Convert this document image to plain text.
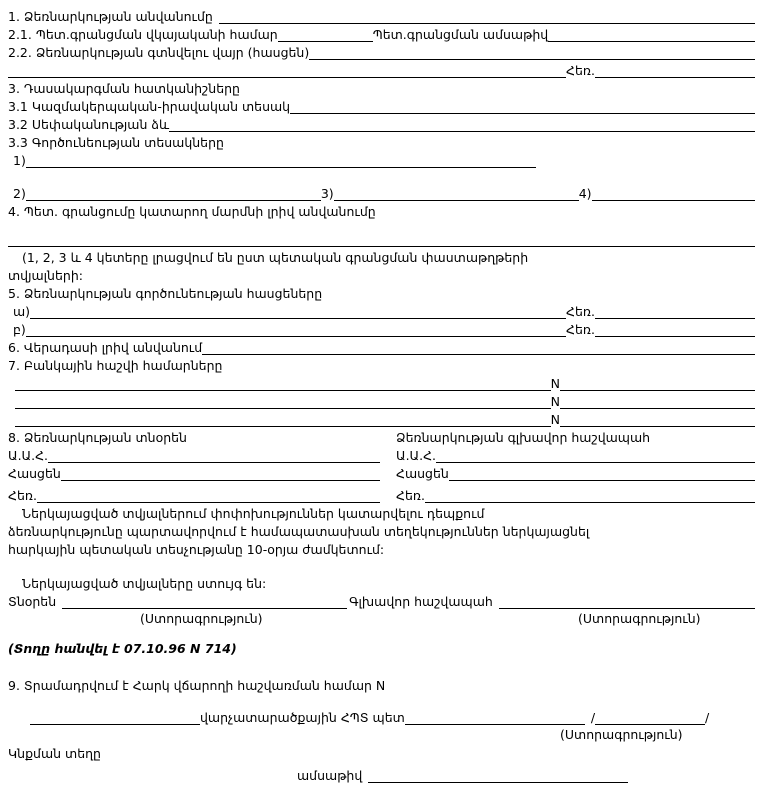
1. Ձեռնարկության անվանումը
2.1. Պետ.գրանցման վկայականի համար	Պետ.գրանցման ամսաթիվ
2.2. Ձեռնարկության գտնվելու վայր (հասցեն)
Հեռ.
3. Դասակարգման հատկանիշները
3.1 Կազմակերպական-իրավական տեսակ
3.2 Սեփականության ձև
3.3 Գործունեության տեսակները
1)
2)	3)	4)
4. Պետ. գրանցումը կատարող մարմնի լրիվ անվանումը
(1, 2, 3 և 4 կետերը լրացվում են ըստ պետական գրանցման փաստաթղթերի
տվյալների:
5. Ձեռնարկության գործունեության հասցեները
ա)	Հեռ.
բ)	Հեռ.
6. Վերադասի լրիվ անվանում
7. Բանկային հաշվի համարները
N
N
N
8. Ձեռնարկության տնօրեն	Ձեռնարկության գլխավոր հաշվապահ
Ա.Ա.Հ.	Ա.Ա.Հ.
Հասցեն	Հասցեն
Հեռ.	Հեռ.
Ներկայացված տվյալներում փոփոխություններ կատարվելու դեպքում
ձեռնարկությունը պարտավորվում է համապատասխան տեղեկություններ ներկայացնել
հարկային պետական տեսչությանը 10-օրյա ժամկետում:
Ներկայացված տվյալները ստույգ են:
Տնօրեն	Գլխավոր հաշվապահ
(Ստորագրություն)	(Ստորագրություն)
(Տողը հանվել է 07.10.96 N 714)
9. Տրամադրվում է Հարկ վճարողի հաշվառման համար N
վարչատարածքային ՀՊՏ պետ	/	/
(Ստորագրություն)
Կնքման տեղը
ամսաթիվ
